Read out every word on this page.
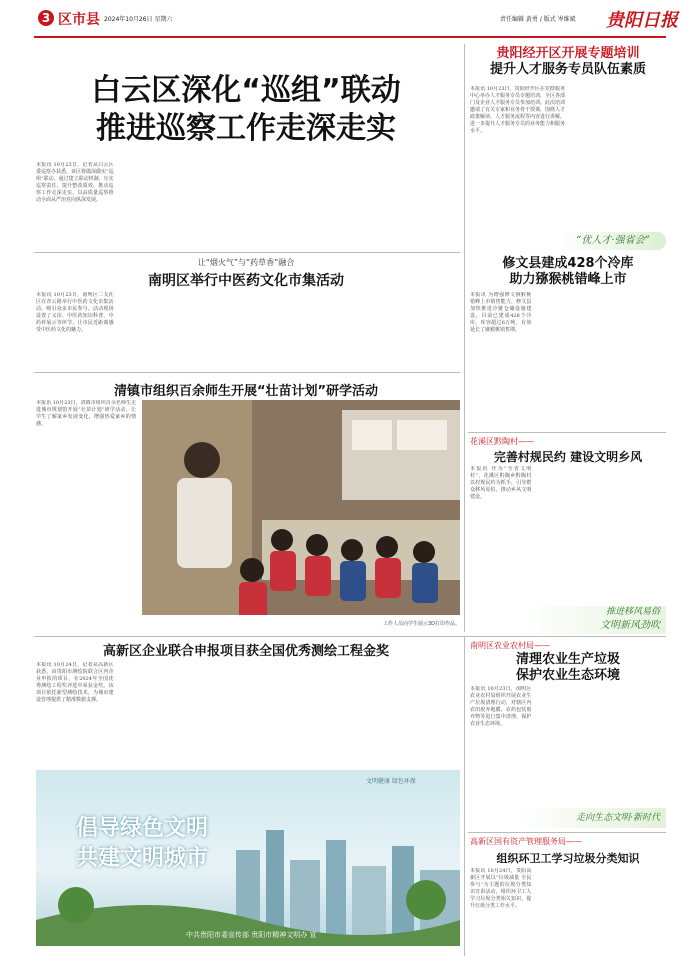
3 区市县 2024年10月26日 星期六	责任编辑 黄勇 / 版式 岑维斌 贵阳日报
白云区深化“巡组”联动
推进巡察工作走深走实

本报讯 10月23日，记者从白云区委巡察办获悉，该区将做深做实“巡组”联动，通过建立联动机制、压实巡察责任、提升整改质效，推动巡察工作走深走实，以高质量巡察推动全面从严治党向纵深发展。

贵阳经开区开展专题培训
提升人才服务专员队伍素质

本报讯 10月23日，贵阳经开区在党群服务中心举办人才服务专员专题培训，全区各部门及企业人才服务专员参加培训。此次培训邀请了有关专家和业务骨干授课，围绕人才政策解读、人才服务流程等内容进行讲解，进一步提升人才服务专员的业务能力和服务水平。

“优人才·强省会”
让“烟火气”与“药草香”融合
南明区举行中医药文化市集活动

本报讯 10月23日，南明区二戈社区在青云路举行中医药文化市集活动，吸引众多市民参与。活动现场设置了义诊、中医药知识科普、中药材展示等环节，让市民近距离感受中医药文化的魅力。

清镇市组织百余师生开展“壮苗计划”研学活动

本报讯 10月23日，清镇市组织百余名师生走进城市规划馆开展“壮苗计划”研学活动，让学生了解家乡发展变化，增强热爱家乡的情感。

工作人员向学生展示3D打印作品。
修文县建成428个冷库
助力猕猴桃错峰上市

本报讯 为增强修文猕猴桃错峰上市销售能力，修文县加快推进冷链仓储设施建设，目前已建成428个冷库，库容超过6万吨，有效延长了猕猴桃销售期。

花溪区黔陶村——
完善村规民约 建设文明乡风

本报讯 作为“全省文明村”，花溪区黔陶乡黔陶村以村规民约为抓手，引导群众移风易俗，推动乡风文明建设。

推进移风易俗
文明新风劲吹
高新区企业联合申报项目获全国优秀测绘工程金奖

本报讯 10月24日，记者从高新区获悉，由贵阳市测绘院联合区内企业申报的项目，在2024年全国优秀测绘工程奖评选中荣获金奖。该项目依托新型测绘技术，为城市建设管理提供了精准数据支撑。

文明健康 绿色环保
倡导绿色文明
共建文明城市
中共贵阳市委宣传部 贵阳市精神文明办 宣
南明区农业农村局——
清理农业生产垃圾
保护农业生态环境

本报讯 10月23日，南明区农业农村局组织开展农业生产垃圾清理行动，对辖区内农田废弃地膜、农药包装废弃物等进行集中清理，保护农业生态环境。

走向生态文明·新时代
高新区国有资产管理服务局——
组织环卫工学习垃圾分类知识

本报讯 10月24日，贵阳高新区开展以“垃圾减量 全民参与”为主题的垃圾分类知识宣讲活动，组织环卫工人学习垃圾分类相关知识，提升垃圾分类工作水平。
